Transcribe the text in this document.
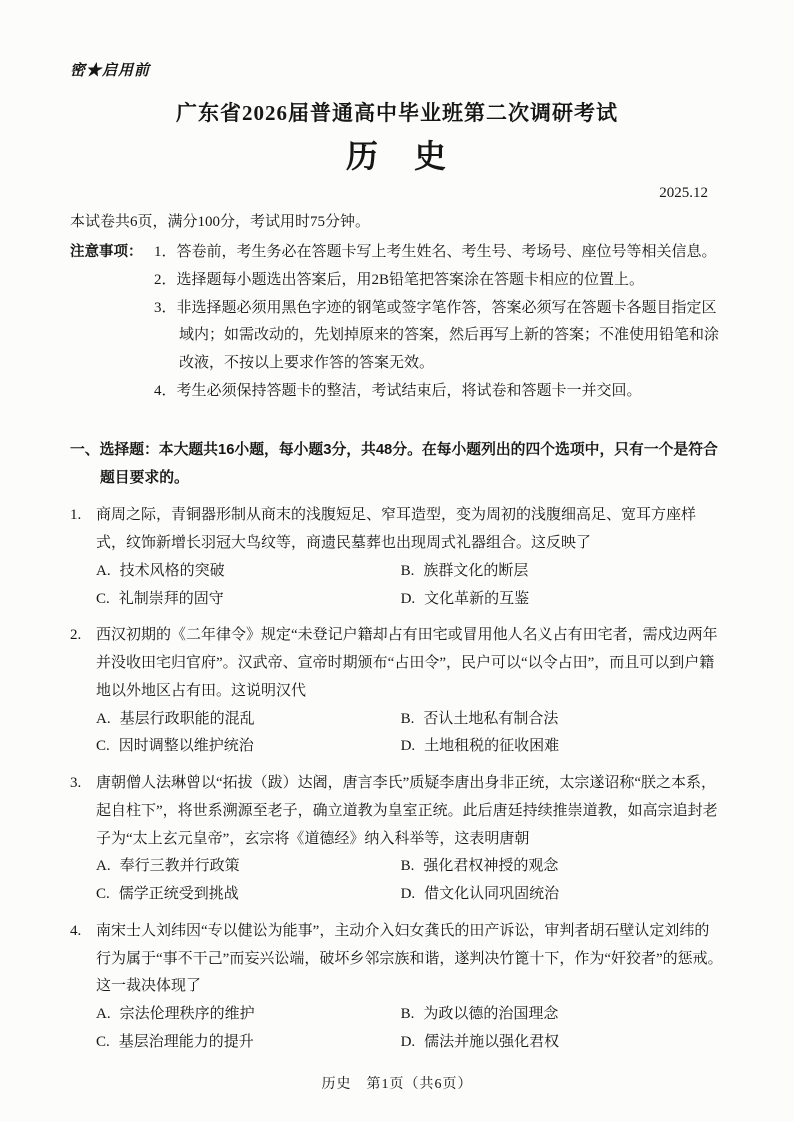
密★启用前
广东省2026届普通高中毕业班第二次调研考试
历　史
2025.12

本试卷共6页，满分100分，考试用时75分钟。

注意事项： 1．答卷前，考生务必在答题卡写上考生姓名、考生号、考场号、座位号等相关信息。

2．选择题每小题选出答案后，用2B铅笔把答案涂在答题卡相应的位置上。

3．非选择题必须用黑色字迹的钢笔或签字笔作答，答案必须写在答题卡各题目指定区域内；如需改动的，先划掉原来的答案，然后再写上新的答案；不准使用铅笔和涂改液，不按以上要求作答的答案无效。

4．考生必须保持答题卡的整洁，考试结束后，将试卷和答题卡一并交回。

一、选择题：本大题共16小题，每小题3分，共48分。在每小题列出的四个选项中，只有一个是符合题目要求的。

1. 商周之际，青铜器形制从商末的浅腹短足、窄耳造型，变为周初的浅腹细高足、宽耳方座样式，纹饰新增长羽冠大鸟纹等，商遗民墓葬也出现周式礼器组合。这反映了

A. 技术风格的突破	B. 族群文化的断层
C. 礼制崇拜的固守	D. 文化革新的互鉴

2. 西汉初期的《二年律令》规定“未登记户籍却占有田宅或冒用他人名义占有田宅者，需戍边两年并没收田宅归官府”。汉武帝、宣帝时期颁布“占田令”，民户可以“以令占田”，而且可以到户籍地以外地区占有田。这说明汉代

A. 基层行政职能的混乱	B. 否认土地私有制合法
C. 因时调整以维护统治	D. 土地租税的征收困难

3. 唐朝僧人法琳曾以“拓拔（跋）达阇，唐言李氏”质疑李唐出身非正统，太宗遂诏称“朕之本系，起自柱下”，将世系溯源至老子，确立道教为皇室正统。此后唐廷持续推崇道教，如高宗追封老子为“太上玄元皇帝”，玄宗将《道德经》纳入科举等，这表明唐朝

A. 奉行三教并行政策	B. 强化君权神授的观念
C. 儒学正统受到挑战	D. 借文化认同巩固统治

4. 南宋士人刘纬因“专以健讼为能事”，主动介入妇女龚氏的田产诉讼，审判者胡石壁认定刘纬的行为属于“事不干己”而妄兴讼端，破坏乡邻宗族和谐，遂判决竹篦十下，作为“奸狡者”的惩戒。这一裁决体现了

A. 宗法伦理秩序的维护	B. 为政以德的治国理念
C. 基层治理能力的提升	D. 儒法并施以强化君权
历史　第1页（共6页）
